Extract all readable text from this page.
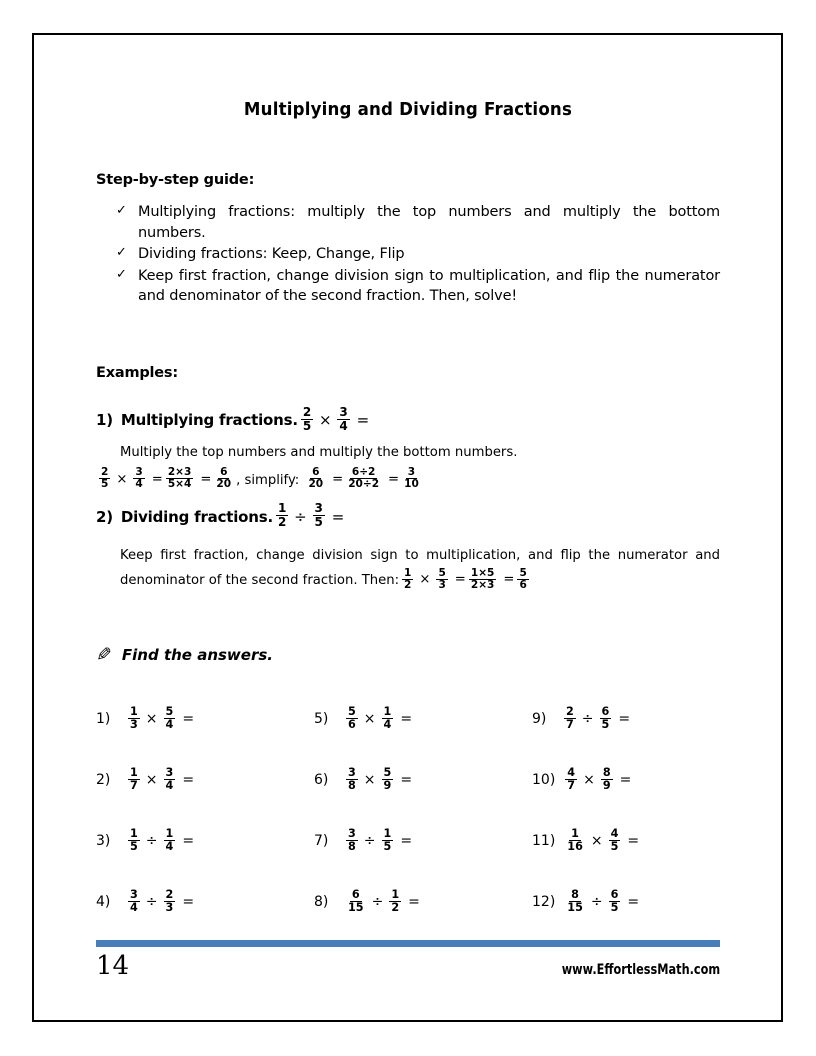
Multiplying and Dividing Fractions
Step-by-step guide:
✓ Multiplying fractions: multiply the top numbers and multiply the bottom numbers.
✓ Dividing fractions: Keep, Change, Flip
✓ Keep first fraction, change division sign to multiplication, and flip the numerator and denominator of the second fraction. Then, solve!
Examples:
1) Multiplying fractions. $\frac{2}{5} \times \frac{3}{4}$ =
Multiply the top numbers and multiply the bottom numbers.
$\frac{2}{5} \times \frac{3}{4} = \frac{2\times 3}{5\times 4} = \frac{6}{20}$ , simplify: $\frac{6}{20} = \frac{6\div 2}{20\div 2} = \frac{3}{10}$
2) Dividing fractions. $\frac{1}{2} \div \frac{3}{5}$ =
Keep first fraction, change division sign to multiplication, and flip the numerator and denominator of the second fraction. Then: $\frac{1}{2} \times \frac{5}{3} = \frac{1\times 5}{2\times 3} = \frac{5}{6}$
✎ Find the answers.
1)	$\frac{1}{3} \times \frac{5}{4}$ =	5)	$\frac{5}{6} \times \frac{1}{4}$ =	9)	$\frac{2}{7} \div \frac{6}{5}$ =
2)	$\frac{1}{7} \times \frac{3}{4}$ =	6)	$\frac{3}{8} \times \frac{5}{9}$ =	$10) \frac{4}{7} \times \frac{8}{9}$ =
3)	$\frac{1}{5} \div \frac{1}{4}$ =	7)	$\frac{3}{8} \div \frac{1}{5}$ =	$11) \frac{1}{16} \times \frac{4}{5}$ =
4)	$\frac{3}{4} \div \frac{2}{3}$ =	8)	$\frac{6}{15} \div \frac{1}{2}$ =	$12) \frac{8}{15} \div \frac{6}{5}$ =
14	www.EffortlessMath.com
